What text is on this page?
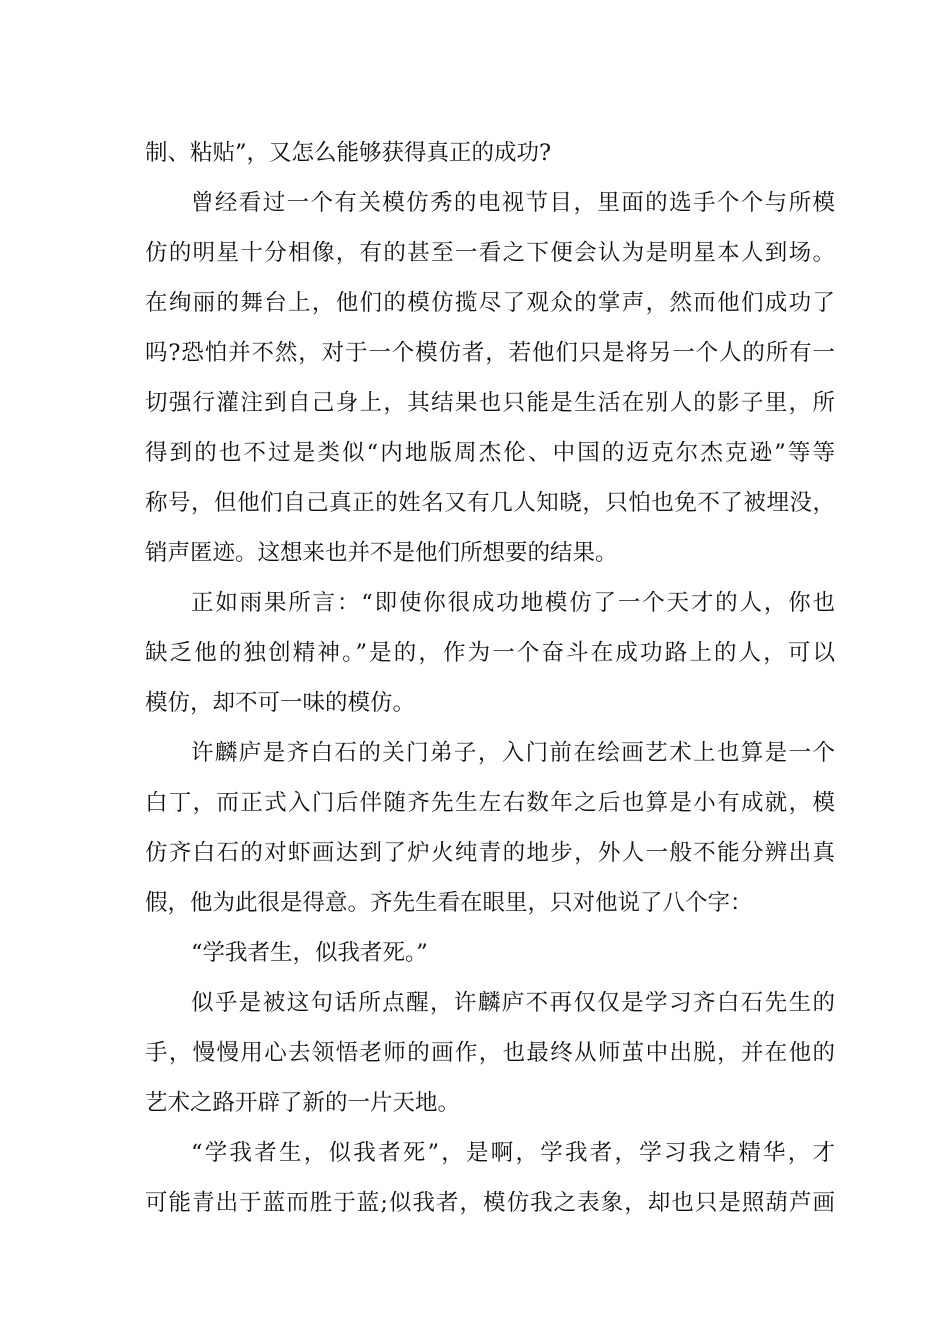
制、粘贴”，又怎么能够获得真正的成功?
曾经看过一个有关模仿秀的电视节目，里面的选手个个与所模
仿的明星十分相像，有的甚至一看之下便会认为是明星本人到场。
在绚丽的舞台上，他们的模仿揽尽了观众的掌声，然而他们成功了
吗?恐怕并不然，对于一个模仿者，若他们只是将另一个人的所有一
切强行灌注到自己身上，其结果也只能是生活在别人的影子里，所
得到的也不过是类似“内地版周杰伦、中国的迈克尔杰克逊”等等
称号，但他们自己真正的姓名又有几人知晓，只怕也免不了被埋没，
销声匿迹。这想来也并不是他们所想要的结果。
正如雨果所言：“即使你很成功地模仿了一个天才的人，你也
缺乏他的独创精神。”是的，作为一个奋斗在成功路上的人，可以
模仿，却不可一味的模仿。
许麟庐是齐白石的关门弟子，入门前在绘画艺术上也算是一个
白丁，而正式入门后伴随齐先生左右数年之后也算是小有成就，模
仿齐白石的对虾画达到了炉火纯青的地步，外人一般不能分辨出真
假，他为此很是得意。齐先生看在眼里，只对他说了八个字：
“学我者生，似我者死。”
似乎是被这句话所点醒，许麟庐不再仅仅是学习齐白石先生的
手，慢慢用心去领悟老师的画作，也最终从师茧中出脱，并在他的
艺术之路开辟了新的一片天地。
“学我者生，似我者死”，是啊，学我者，学习我之精华，才
可能青出于蓝而胜于蓝;似我者，模仿我之表象，却也只是照葫芦画
